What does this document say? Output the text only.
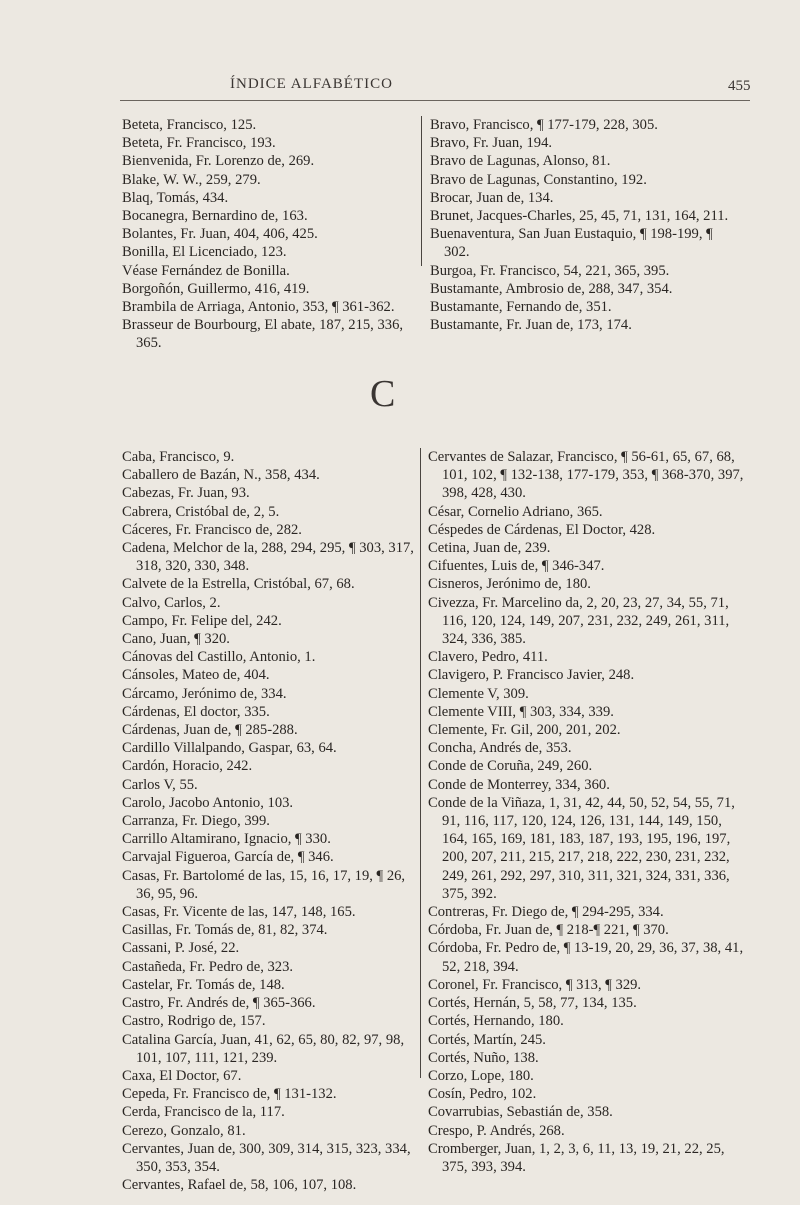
ÍNDICE ALFABÉTICO	455

Beteta, Francisco, 125.

Beteta, Fr. Francisco, 193.

Bienvenida, Fr. Lorenzo de, 269.

Blake, W. W., 259, 279.

Blaq, Tomás, 434.

Bocanegra, Bernardino de, 163.

Bolantes, Fr. Juan, 404, 406, 425.

Bonilla, El Licenciado, 123.

Véase Fernández de Bonilla.

Borgoñón, Guillermo, 416, 419.

Brambila de Arriaga, Antonio, 353, ¶ 361-362.

Brasseur de Bourbourg, El abate, 187, 215, 336, 365.

Bravo, Francisco, ¶ 177-179, 228, 305.

Bravo, Fr. Juan, 194.

Bravo de Lagunas, Alonso, 81.

Bravo de Lagunas, Constantino, 192.

Brocar, Juan de, 134.

Brunet, Jacques-Charles, 25, 45, 71, 131, 164, 211.

Buenaventura, San Juan Eustaquio, ¶ 198-199, ¶ 302.

Burgoa, Fr. Francisco, 54, 221, 365, 395.

Bustamante, Ambrosio de, 288, 347, 354.

Bustamante, Fernando de, 351.

Bustamante, Fr. Juan de, 173, 174.

C

Caba, Francisco, 9.

Caballero de Bazán, N., 358, 434.

Cabezas, Fr. Juan, 93.

Cabrera, Cristóbal de, 2, 5.

Cáceres, Fr. Francisco de, 282.

Cadena, Melchor de la, 288, 294, 295, ¶ 303, 317, 318, 320, 330, 348.

Calvete de la Estrella, Cristóbal, 67, 68.

Calvo, Carlos, 2.

Campo, Fr. Felipe del, 242.

Cano, Juan, ¶ 320.

Cánovas del Castillo, Antonio, 1.

Cánsoles, Mateo de, 404.

Cárcamo, Jerónimo de, 334.

Cárdenas, El doctor, 335.

Cárdenas, Juan de, ¶ 285-288.

Cardillo Villalpando, Gaspar, 63, 64.

Cardón, Horacio, 242.

Carlos V, 55.

Carolo, Jacobo Antonio, 103.

Carranza, Fr. Diego, 399.

Carrillo Altamirano, Ignacio, ¶ 330.

Carvajal Figueroa, García de, ¶ 346.

Casas, Fr. Bartolomé de las, 15, 16, 17, 19, ¶ 26, 36, 95, 96.

Casas, Fr. Vicente de las, 147, 148, 165.

Casillas, Fr. Tomás de, 81, 82, 374.

Cassani, P. José, 22.

Castañeda, Fr. Pedro de, 323.

Castelar, Fr. Tomás de, 148.

Castro, Fr. Andrés de, ¶ 365-366.

Castro, Rodrigo de, 157.

Catalina García, Juan, 41, 62, 65, 80, 82, 97, 98, 101, 107, 111, 121, 239.

Caxa, El Doctor, 67.

Cepeda, Fr. Francisco de, ¶ 131-132.

Cerda, Francisco de la, 117.

Cerezo, Gonzalo, 81.

Cervantes, Juan de, 300, 309, 314, 315, 323, 334, 350, 353, 354.

Cervantes, Rafael de, 58, 106, 107, 108.

Cervantes de Salazar, Francisco, ¶ 56-61, 65, 67, 68, 101, 102, ¶ 132-138, 177-179, 353, ¶ 368-370, 397, 398, 428, 430.

César, Cornelio Adriano, 365.

Céspedes de Cárdenas, El Doctor, 428.

Cetina, Juan de, 239.

Cifuentes, Luis de, ¶ 346-347.

Cisneros, Jerónimo de, 180.

Civezza, Fr. Marcelino da, 2, 20, 23, 27, 34, 55, 71, 116, 120, 124, 149, 207, 231, 232, 249, 261, 311, 324, 336, 385.

Clavero, Pedro, 411.

Clavigero, P. Francisco Javier, 248.

Clemente V, 309.

Clemente VIII, ¶ 303, 334, 339.

Clemente, Fr. Gil, 200, 201, 202.

Concha, Andrés de, 353.

Conde de Coruña, 249, 260.

Conde de Monterrey, 334, 360.

Conde de la Viñaza, 1, 31, 42, 44, 50, 52, 54, 55, 71, 91, 116, 117, 120, 124, 126, 131, 144, 149, 150, 164, 165, 169, 181, 183, 187, 193, 195, 196, 197, 200, 207, 211, 215, 217, 218, 222, 230, 231, 232, 249, 261, 292, 297, 310, 311, 321, 324, 331, 336, 375, 392.

Contreras, Fr. Diego de, ¶ 294-295, 334.

Córdoba, Fr. Juan de, ¶ 218-¶ 221, ¶ 370.

Córdoba, Fr. Pedro de, ¶ 13-19, 20, 29, 36, 37, 38, 41, 52, 218, 394.

Coronel, Fr. Francisco, ¶ 313, ¶ 329.

Cortés, Hernán, 5, 58, 77, 134, 135.

Cortés, Hernando, 180.

Cortés, Martín, 245.

Cortés, Nuño, 138.

Corzo, Lope, 180.

Cosín, Pedro, 102.

Covarrubias, Sebastián de, 358.

Crespo, P. Andrés, 268.

Cromberger, Juan, 1, 2, 3, 6, 11, 13, 19, 21, 22, 25, 375, 393, 394.
